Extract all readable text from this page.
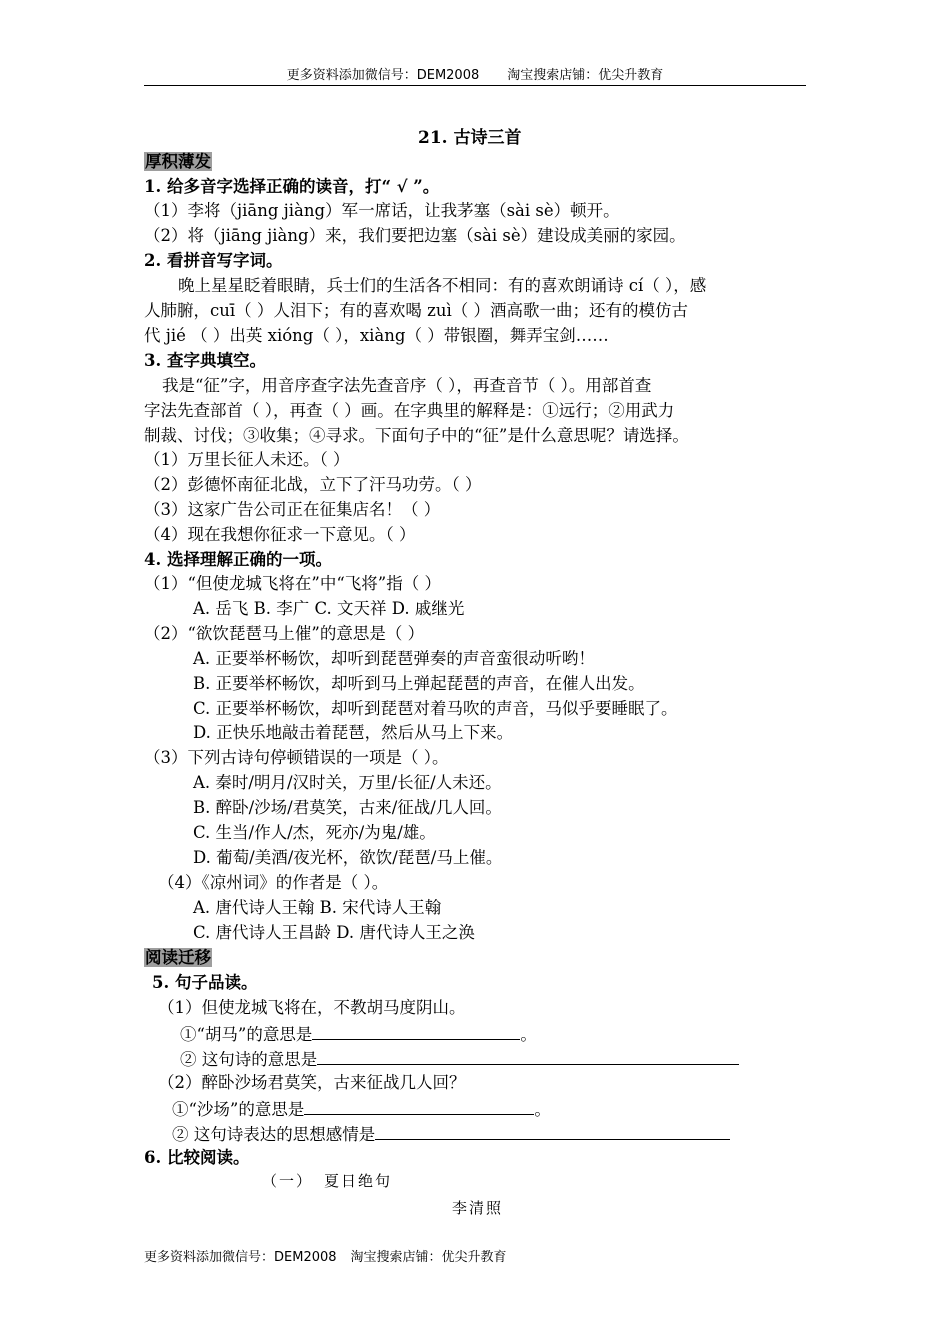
更多资料添加微信号：DEM2008 淘宝搜索店铺：优尖升教育
21. 古诗三首
厚积薄发
1. 给多音字选择正确的读音，打“ √ ”。
（1）李将（jiāng jiàng）军一席话，让我茅塞（sài sè）顿开。
（2）将（jiāng jiàng）来，我们要把边塞（sài sè）建设成美丽的家园。
2. 看拼音写字词。
晚上星星眨着眼睛，兵士们的生活各不相同：有的喜欢朗诵诗 cí（ ），感
人肺腑，cuī（ ）人泪下；有的喜欢喝 zuì（ ）酒高歌一曲；还有的模仿古
代 jié （ ）出英 xióng（ ），xiàng（ ）带银圈，舞弄宝剑……
3. 查字典填空。
我是“征”字，用音序查字法先查音序（ ），再查音节（ ）。用部首查
字法先查部首（ ），再查（ ）画。在字典里的解释是：①远行；②用武力
制裁、讨伐；③收集；④寻求。下面句子中的“征”是什么意思呢？请选择。
（1）万里长征人未还。（ ）
（2）彭德怀南征北战，立下了汗马功劳。（ ）
（3）这家广告公司正在征集店名！（ ）
（4）现在我想你征求一下意见。（ ）
4. 选择理解正确的一项。
（1）“但使龙城飞将在”中“飞将”指（ ）
A. 岳飞 B. 李广 C. 文天祥 D. 戚继光
（2）“欲饮琵琶马上催”的意思是（ ）
A. 正要举杯畅饮，却听到琵琶弹奏的声音蛮很动听哟！
B. 正要举杯畅饮，却听到马上弹起琵琶的声音，在催人出发。
C. 正要举杯畅饮，却听到琵琶对着马吹的声音，马似乎要睡眠了。
D. 正快乐地敲击着琵琶，然后从马上下来。
（3）下列古诗句停顿错误的一项是（ ）。
A. 秦时/明月/汉时关，万里/长征/人未还。
B. 醉卧/沙场/君莫笑，古来/征战/几人回。
C. 生当/作人/杰，死亦/为鬼/雄。
D. 葡萄/美酒/夜光杯，欲饮/琵琶/马上催。
（4）《凉州词》的作者是（ ）。
A. 唐代诗人王翰 B. 宋代诗人王翰
C. 唐代诗人王昌龄 D. 唐代诗人王之涣
阅读迁移
5. 句子品读。
（1）但使龙城飞将在，不教胡马度阴山。
①“胡马”的意思是	。
② 这句诗的意思是
（2）醉卧沙场君莫笑，古来征战几人回？
①“沙场”的意思是	。
② 这句诗表达的思想感情是
6. 比较阅读。
（一） 夏日绝句
李清照
更多资料添加微信号：DEM2008 淘宝搜索店铺：优尖升教育
